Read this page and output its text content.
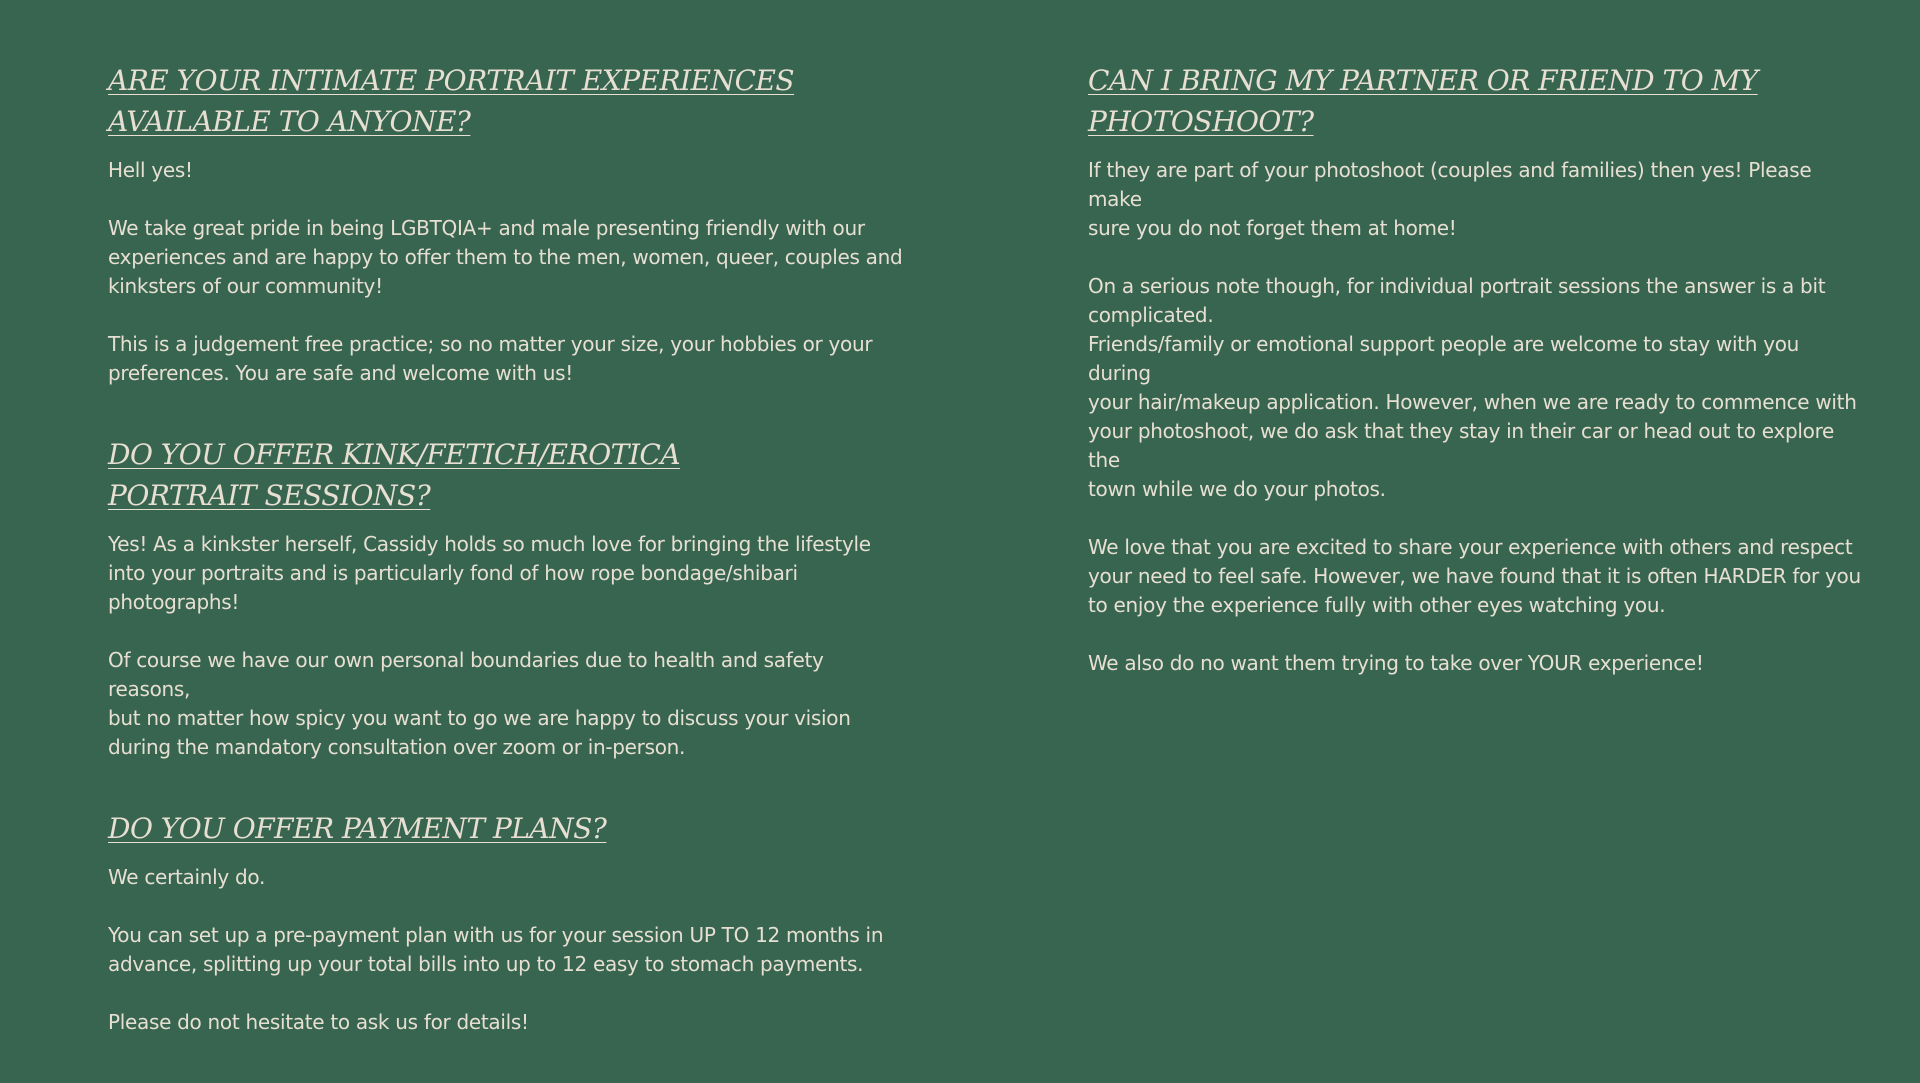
ARE YOUR INTIMATE PORTRAIT EXPERIENCES
AVAILABLE TO ANYONE?

Hell yes!

We take great pride in being LGBTQIA+ and male presenting friendly with our
experiences and are happy to offer them to the men, women, queer, couples and
kinksters of our community!

This is a judgement free practice; so no matter your size, your hobbies or your
preferences. You are safe and welcome with us!

DO YOU OFFER KINK/FETICH/EROTICA
PORTRAIT SESSIONS?

Yes! As a kinkster herself, Cassidy holds so much love for bringing the lifestyle
into your portraits and is particularly fond of how rope bondage/shibari
photographs!

Of course we have our own personal boundaries due to health and safety reasons,
but no matter how spicy you want to go we are happy to discuss your vision
during the mandatory consultation over zoom or in-person.

DO YOU OFFER PAYMENT PLANS?

We certainly do.

You can set up a pre-payment plan with us for your session UP TO 12 months in
advance, splitting up your total bills into up to 12 easy to stomach payments.

Please do not hesitate to ask us for details!

CAN I BRING MY PARTNER OR FRIEND TO MY
PHOTOSHOOT?

If they are part of your photoshoot (couples and families) then yes! Please make
sure you do not forget them at home!

On a serious note though, for individual portrait sessions the answer is a bit
complicated.
Friends/family or emotional support people are welcome to stay with you during
your hair/makeup application. However, when we are ready to commence with
your photoshoot, we do ask that they stay in their car or head out to explore the
town while we do your photos.

We love that you are excited to share your experience with others and respect
your need to feel safe. However, we have found that it is often HARDER for you
to enjoy the experience fully with other eyes watching you.

We also do no want them trying to take over YOUR experience!
